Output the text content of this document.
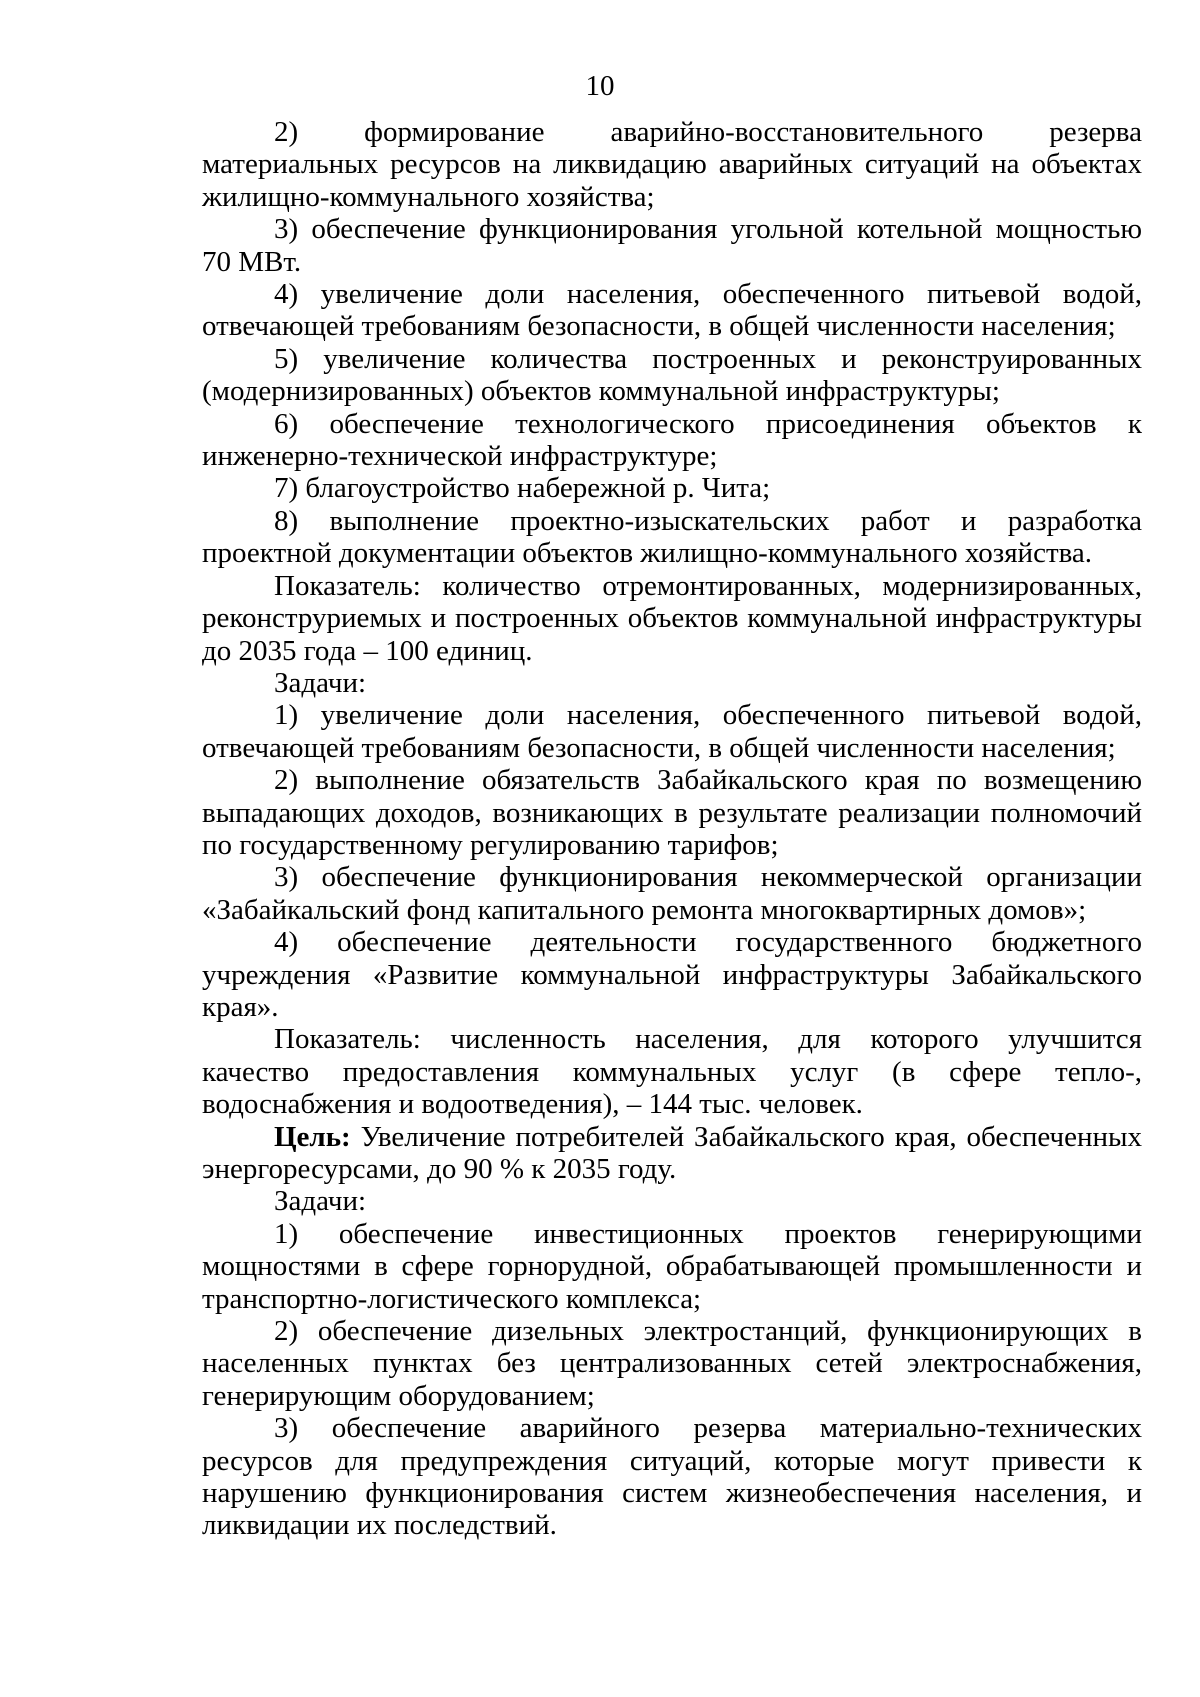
10

2) формирование аварийно-восстановительного резерва материальных ресурсов на ликвидацию аварийных ситуаций на объектах жилищно-коммунального хозяйства;

3) обеспечение функционирования угольной котельной мощностью 70 МВт.

4) увеличение доли населения, обеспеченного питьевой водой, отвечающей требованиям безопасности, в общей численности населения;

5) увеличение количества построенных и реконструированных (модернизированных) объектов коммунальной инфраструктуры;

6) обеспечение технологического присоединения объектов к инженерно-технической инфраструктуре;

7) благоустройство набережной р. Чита;

8) выполнение проектно-изыскательских работ и разработка проектной документации объектов жилищно-коммунального хозяйства.

Показатель: количество отремонтированных, модернизированных, реконструриемых и построенных объектов коммунальной инфраструктуры до 2035 года – 100 единиц.

Задачи:

1) увеличение доли населения, обеспеченного питьевой водой, отвечающей требованиям безопасности, в общей численности населения;

2) выполнение обязательств Забайкальского края по возмещению выпадающих доходов, возникающих в результате реализации полномочий по государственному регулированию тарифов;

3) обеспечение функционирования некоммерческой организации «Забайкальский фонд капитального ремонта многоквартирных домов»;

4) обеспечение деятельности государственного бюджетного учреждения «Развитие коммунальной инфраструктуры Забайкальского края».

Показатель: численность населения, для которого улучшится качество предоставления коммунальных услуг (в сфере тепло-, водоснабжения и водоотведения), – 144 тыс. человек.

Цель: Увеличение потребителей Забайкальского края, обеспеченных энергоресурсами, до 90 % к 2035 году.

Задачи:

1) обеспечение инвестиционных проектов генерирующими мощностями в сфере горнорудной, обрабатывающей промышленности и транспортно-логистического комплекса;

2) обеспечение дизельных электростанций, функционирующих в населенных пунктах без централизованных сетей электроснабжения, генерирующим оборудованием;

3) обеспечение аварийного резерва материально-технических ресурсов для предупреждения ситуаций, которые могут привести к нарушению функционирования систем жизнеобеспечения населения, и ликвидации их последствий.
